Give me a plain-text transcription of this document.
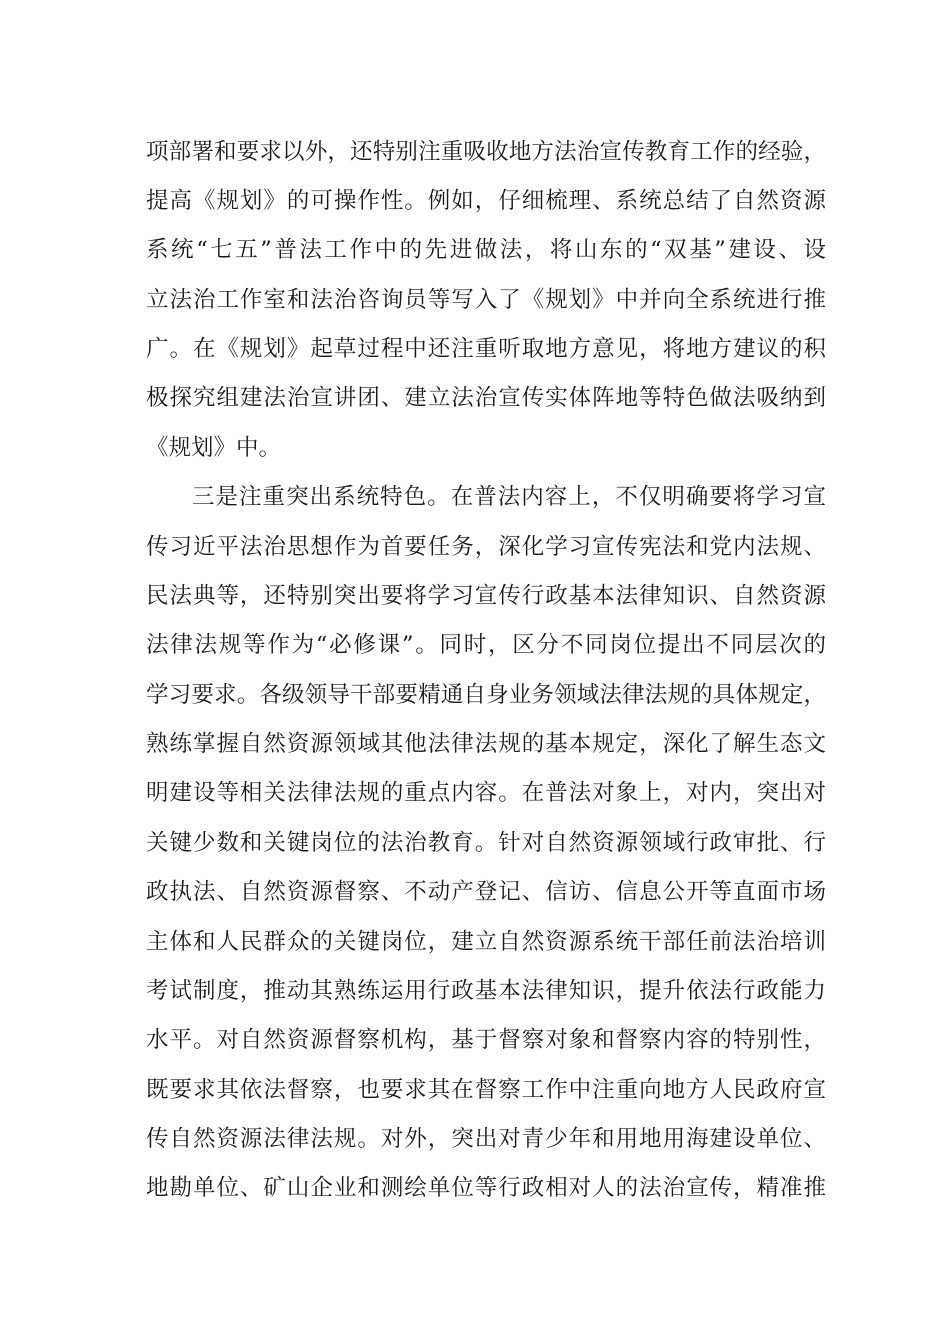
项部署和要求以外，还特别注重吸收地方法治宣传教育工作的经验，
提高《规划》的可操作性。例如，仔细梳理、系统总结了自然资源
系统“七五”普法工作中的先进做法，将山东的“双基”建设、设
立法治工作室和法治咨询员等写入了《规划》中并向全系统进行推
广。在《规划》起草过程中还注重听取地方意见，将地方建议的积
极探究组建法治宣讲团、建立法治宣传实体阵地等特色做法吸纳到
《规划》中。
三是注重突出系统特色。在普法内容上，不仅明确要将学习宣
传习近平法治思想作为首要任务，深化学习宣传宪法和党内法规、
民法典等，还特别突出要将学习宣传行政基本法律知识、自然资源
法律法规等作为“必修课”。同时，区分不同岗位提出不同层次的
学习要求。各级领导干部要精通自身业务领域法律法规的具体规定，
熟练掌握自然资源领域其他法律法规的基本规定，深化了解生态文
明建设等相关法律法规的重点内容。在普法对象上，对内，突出对
关键少数和关键岗位的法治教育。针对自然资源领域行政审批、行
政执法、自然资源督察、不动产登记、信访、信息公开等直面市场
主体和人民群众的关键岗位，建立自然资源系统干部任前法治培训
考试制度，推动其熟练运用行政基本法律知识，提升依法行政能力
水平。对自然资源督察机构，基于督察对象和督察内容的特别性，
既要求其依法督察，也要求其在督察工作中注重向地方人民政府宣
传自然资源法律法规。对外，突出对青少年和用地用海建设单位、
地勘单位、矿山企业和测绘单位等行政相对人的法治宣传，精准推
